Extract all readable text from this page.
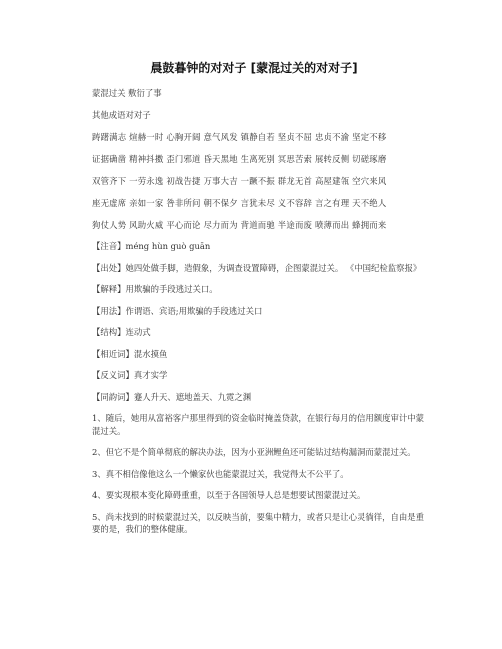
晨鼓暮钟的对对子 [蒙混过关的对对子]
蒙混过关 敷衍了事
其他成语对对子
踌躇满志 煊赫一时 心胸开阔 意气风发 镇静自若 坚贞不屈 忠贞不渝 坚定不移
证据确凿 精神抖擞 歪门邪道 昏天黑地 生离死别 冥思苦索 展转反侧 切磋琢磨
双管齐下 一劳永逸 初战告捷 万事大吉 一蹶不振 群龙无首 高屋建瓴 空穴来风
座无虚席 亲如一家 咎非所问 朝不保夕 言犹未尽 义不容辞 言之有理 天不绝人
狗仗人势 风助火威 平心而论 尽力而为 背道而驰 半途而废 喷薄而出 蜂拥而来
【注音】méng hùn guò guān
【出处】她四处做手脚，造假象，为调查设置障碍，企图蒙混过关。 《中国纪检监察报》
【解释】用欺骗的手段逃过关口。
【用法】作谓语、宾语;用欺骗的手段逃过关口
【结构】连动式
【相近词】混水摸鱼
【反义词】真才实学
【同韵词】蹇人升天、遮地盖天、九霓之渊
1、随后，她用从富裕客户那里得到的资金临时掩盖贷款，在银行每月的信用额度审计中蒙混过关。
2、但它不是个简单彻底的解决办法，因为小亚洲鲤鱼还可能钻过结构漏洞而蒙混过关。
3、真不相信像他这么一个懒家伙也能蒙混过关，我觉得太不公平了。
4、要实现根本变化障碍重重，以至于各国领导人总是想要试图蒙混过关。
5、尚未找到的时候蒙混过关，以反映当前，要集中精力，或者只是让心灵徜徉，自由是重要的是，我们的整体健康。
